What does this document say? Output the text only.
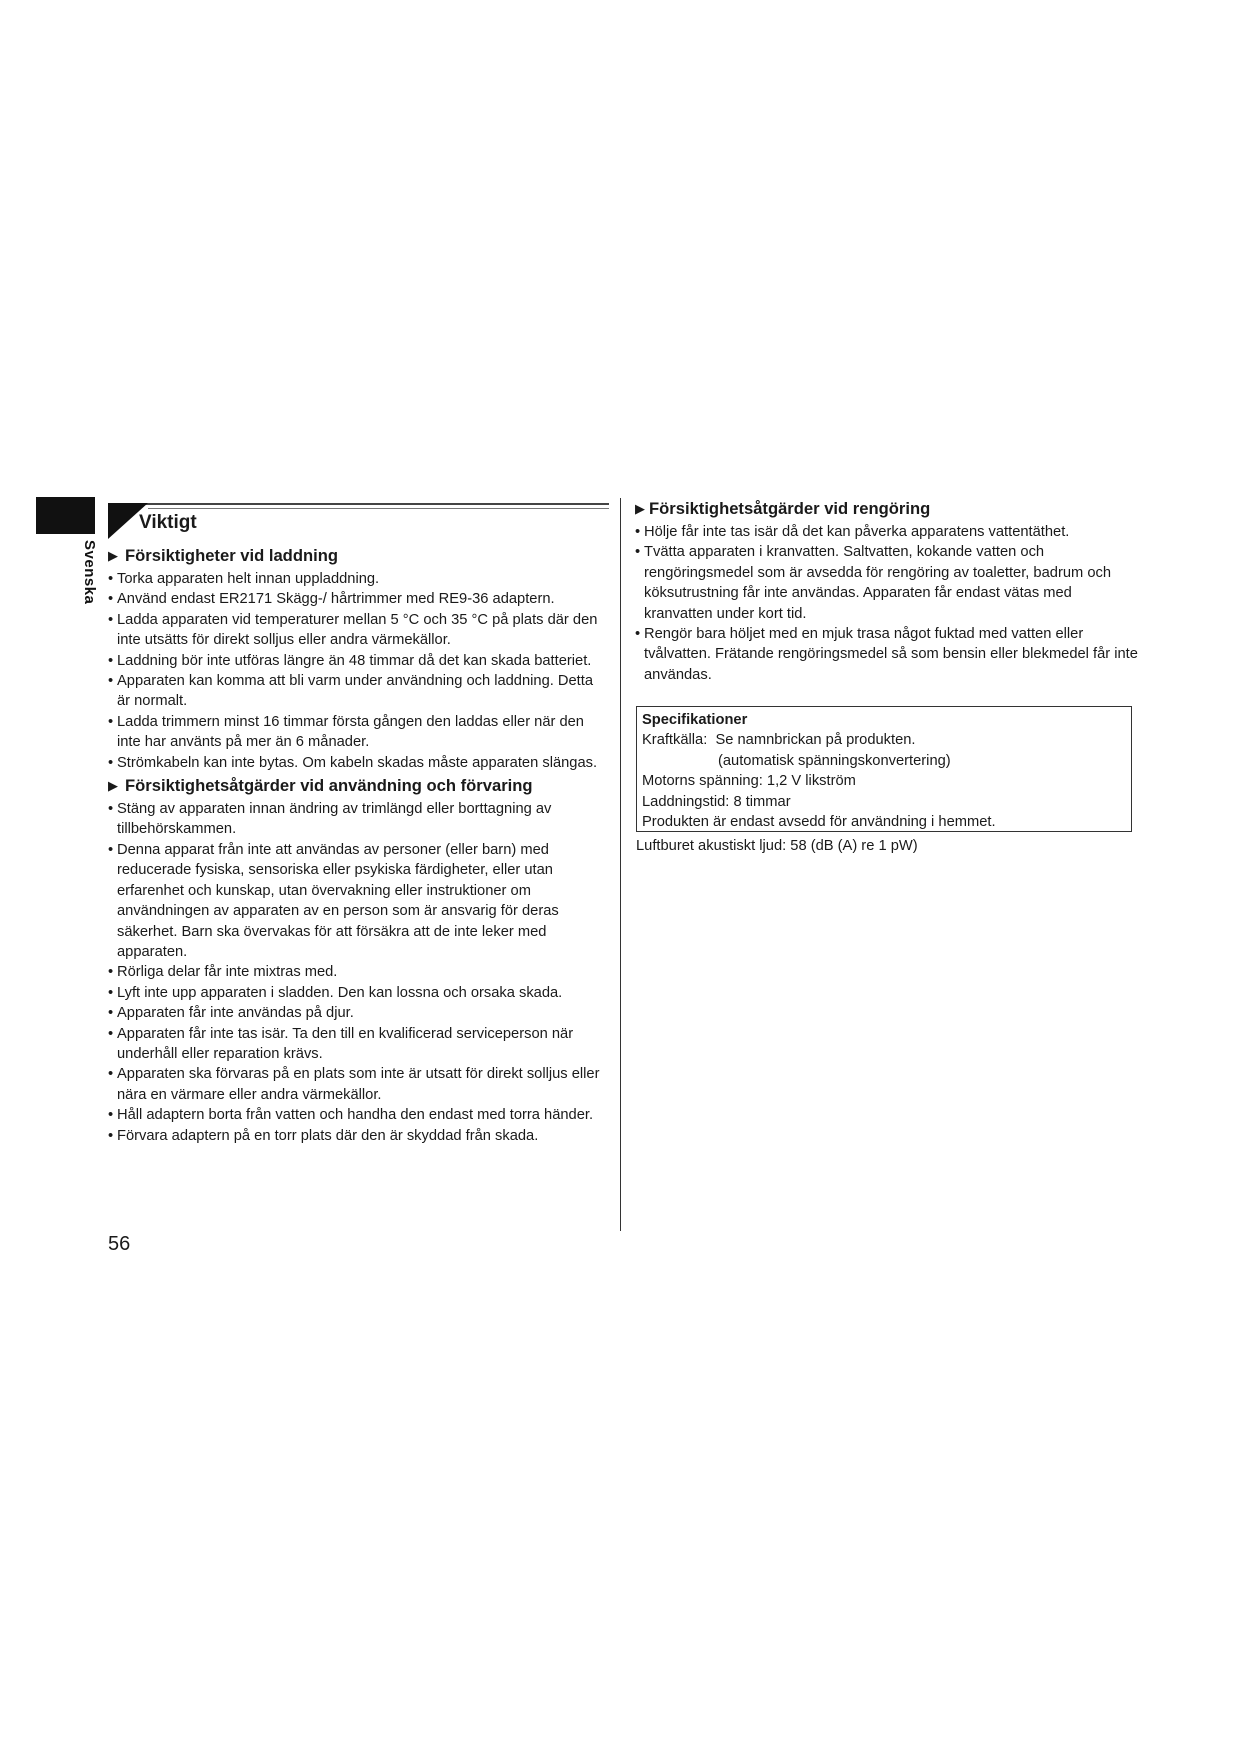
Svenska
Viktigt
▶ Försiktigheter vid laddning
• Torka apparaten helt innan uppladdning.
• Använd endast ER2171 Skägg-/ hårtrimmer med RE9-36 adaptern.
• Ladda apparaten vid temperaturer mellan 5 °C och 35 °C på plats där den inte utsätts för direkt solljus eller andra värmekällor.
• Laddning bör inte utföras längre än 48 timmar då det kan skada batteriet.
• Apparaten kan komma att bli varm under användning och laddning. Detta är normalt.
• Ladda trimmern minst 16 timmar första gången den laddas eller när den inte har använts på mer än 6 månader.
• Strömkabeln kan inte bytas. Om kabeln skadas måste apparaten slängas.
▶ Försiktighetsåtgärder vid användning och förvaring
• Stäng av apparaten innan ändring av trimlängd eller borttagning av tillbehörskammen.
• Denna apparat från inte att användas av personer (eller barn) med reducerade fysiska, sensoriska eller psykiska färdigheter, eller utan erfarenhet och kunskap, utan övervakning eller instruktioner om användningen av apparaten av en person som är ansvarig för deras säkerhet. Barn ska övervakas för att försäkra att de inte leker med apparaten.
• Rörliga delar får inte mixtras med.
• Lyft inte upp apparaten i sladden. Den kan lossna och orsaka skada.
• Apparaten får inte användas på djur.
• Apparaten får inte tas isär. Ta den till en kvalificerad serviceperson när underhåll eller reparation krävs.
• Apparaten ska förvaras på en plats som inte är utsatt för direkt solljus eller nära en värmare eller andra värmekällor.
• Håll adaptern borta från vatten och handha den endast med torra händer.
• Förvara adaptern på en torr plats där den är skyddad från skada.
▶ Försiktighetsåtgärder vid rengöring
• Hölje får inte tas isär då det kan påverka apparatens vattentäthet.
• Tvätta apparaten i kranvatten. Saltvatten, kokande vatten och rengöringsmedel som är avsedda för rengöring av toaletter, badrum och köksutrustning får inte användas. Apparaten får endast vätas med kranvatten under kort tid.
• Rengör bara höljet med en mjuk trasa något fuktad med vatten eller tvålvatten. Frätande rengöringsmedel så som bensin eller blekmedel får inte användas.
Specifikationer
Kraftkälla:  Se namnbrickan på produkten.
(automatisk spänningskonvertering)
Motorns spänning: 1,2 V likström
Laddningstid: 8 timmar
Produkten är endast avsedd för användning i hemmet.
Luftburet akustiskt ljud: 58 (dB (A) re 1 pW)
56
